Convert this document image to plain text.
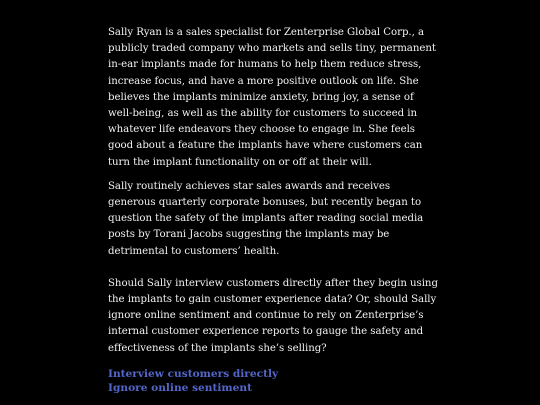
Sally Ryan is a sales specialist for Zenterprise Global Corp., a publicly traded company who markets and sells tiny, permanent in-ear implants made for humans to help them reduce stress, increase focus, and have a more positive outlook on life. She believes the implants minimize anxiety, bring joy, a sense of well-being, as well as the ability for customers to succeed in whatever life endeavors they choose to engage in. She feels good about a feature the implants have where customers can turn the implant functionality on or off at their will.

Sally routinely achieves star sales awards and receives generous quarterly corporate bonuses, but recently began to question the safety of the implants after reading social media posts by Torani Jacobs suggesting the implants may be detrimental to customers’ health.

Should Sally interview customers directly after they begin using the implants to gain customer experience data? Or, should Sally ignore online sentiment and continue to rely on Zenterprise’s internal customer experience reports to gauge the safety and effectiveness of the implants she’s selling?

Interview customers directly
Ignore online sentiment
